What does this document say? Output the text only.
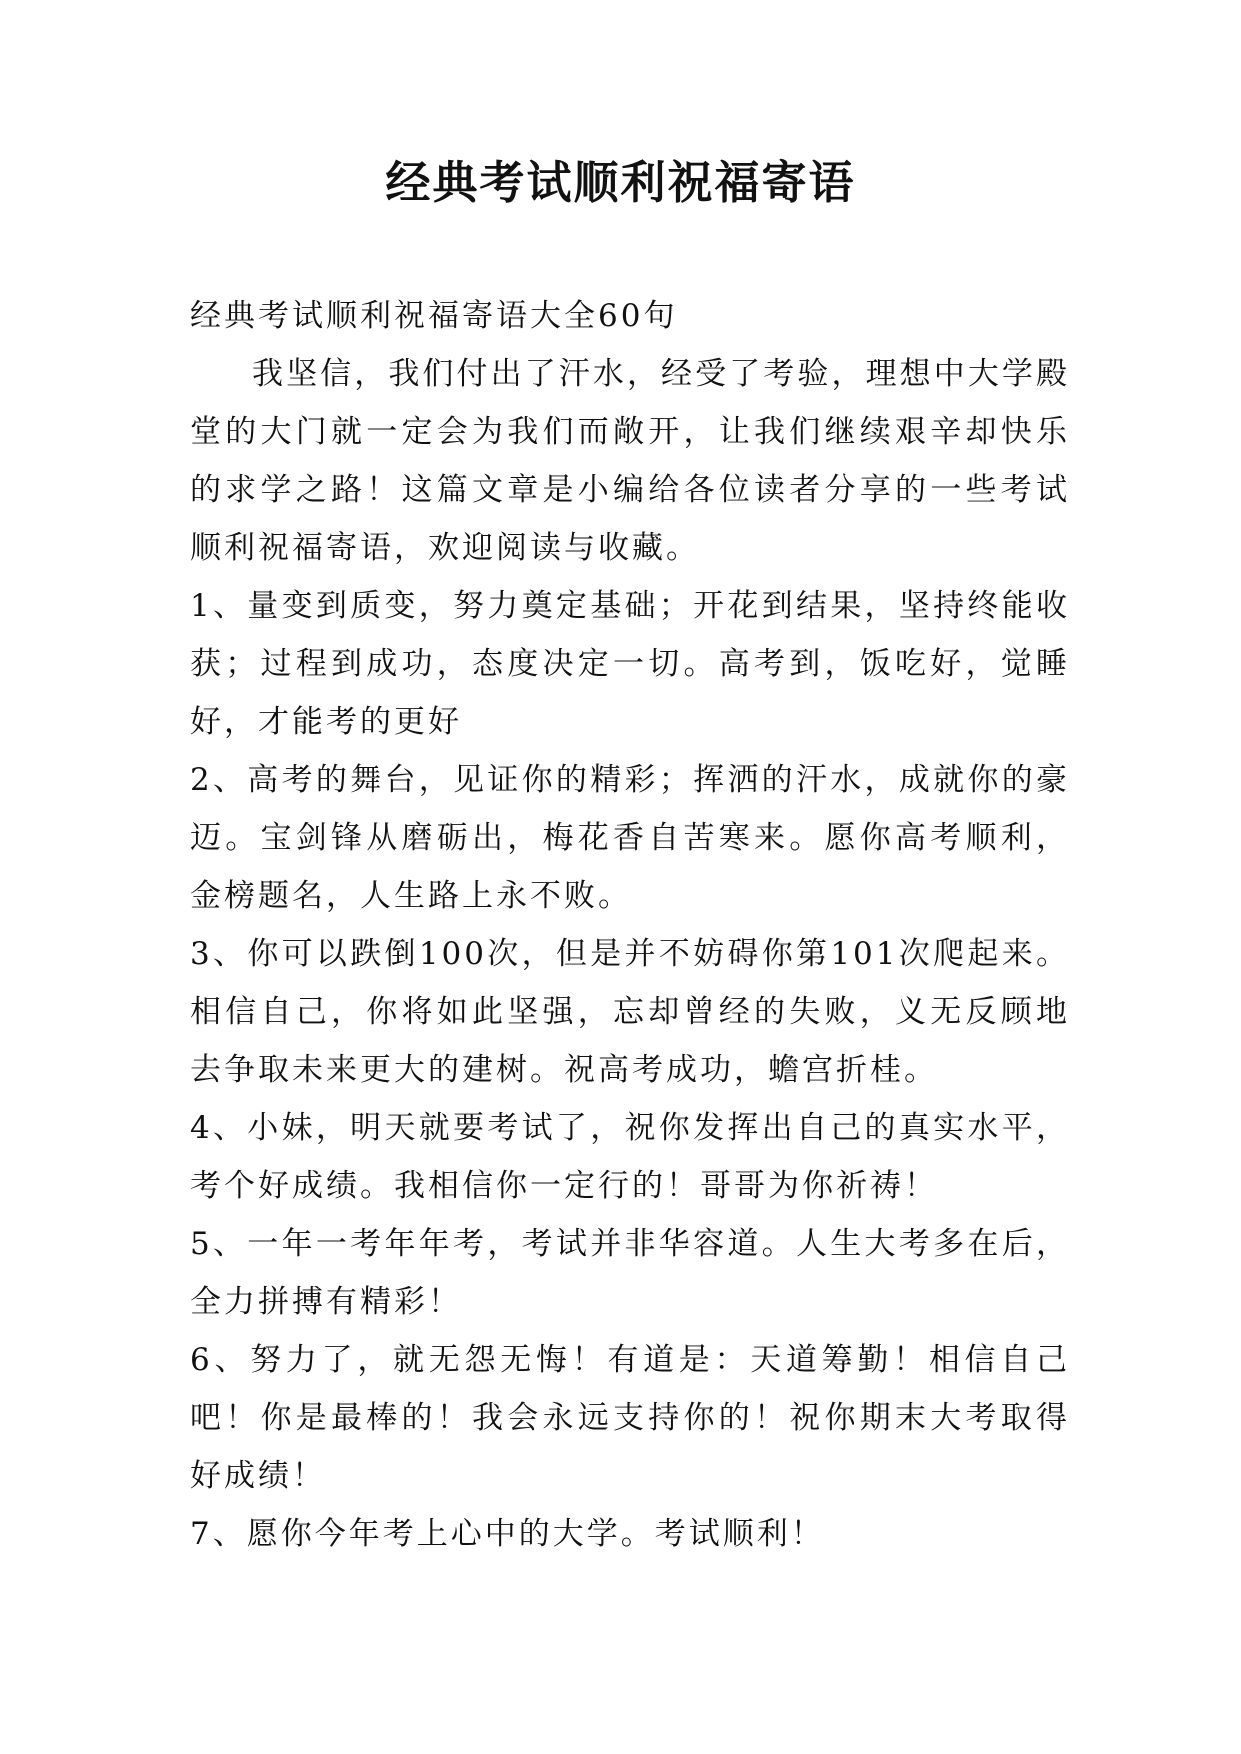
经典考试顺利祝福寄语

经典考试顺利祝福寄语大全60句

我坚信，我们付出了汗水，经受了考验，理想中大学殿堂的大门就一定会为我们而敞开，让我们继续艰辛却快乐的求学之路！这篇文章是小编给各位读者分享的一些考试顺利祝福寄语，欢迎阅读与收藏。

1、量变到质变，努力奠定基础；开花到结果，坚持终能收获；过程到成功，态度决定一切。高考到，饭吃好，觉睡好，才能考的更好

2、高考的舞台，见证你的精彩；挥洒的汗水，成就你的豪迈。宝剑锋从磨砺出，梅花香自苦寒来。愿你高考顺利，金榜题名，人生路上永不败。

3、你可以跌倒100次，但是并不妨碍你第101次爬起来。相信自己，你将如此坚强，忘却曾经的失败，义无反顾地去争取未来更大的建树。祝高考成功，蟾宫折桂。

4、小妹，明天就要考试了，祝你发挥出自己的真实水平，考个好成绩。我相信你一定行的！哥哥为你祈祷！

5、一年一考年年考，考试并非华容道。人生大考多在后，全力拼搏有精彩！

6、努力了，就无怨无悔！有道是：天道筹勤！相信自己吧！你是最棒的！我会永远支持你的！祝你期末大考取得好成绩！

7、愿你今年考上心中的大学。考试顺利！
